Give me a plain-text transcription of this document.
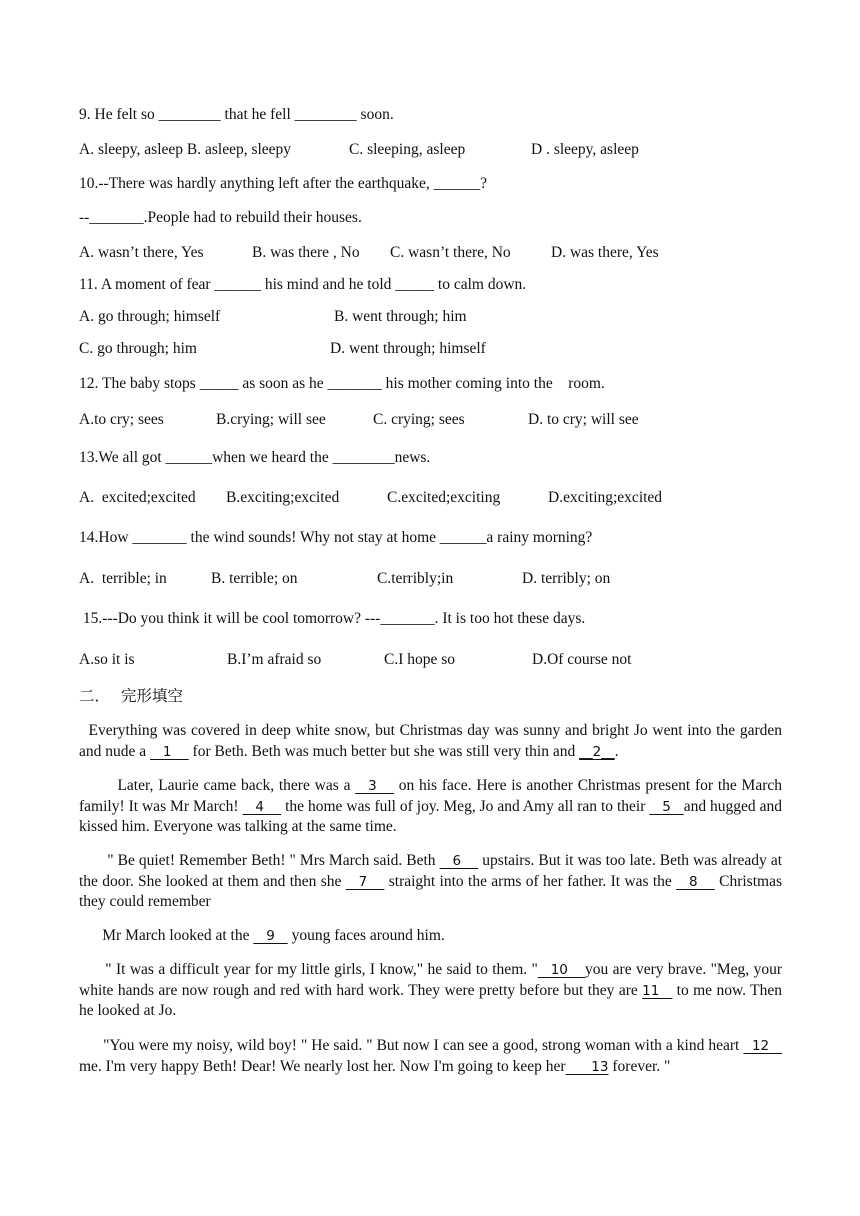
9. He felt so ________ that he fell ________ soon.
A. sleepy, asleep B. asleep, sleepy	C. sleeping, asleep	D . sleepy, asleep
10.--There was hardly anything left after the earthquake, ______?
--_______.People had to rebuild their houses.
A. wasn’t there, Yes	B. was there , No C. wasn’t there, No	D. was there, Yes
11. A moment of fear ______ his mind and he told _____ to calm down.
A. go through; himself	B. went through; him
C. go through; him	D. went through; himself
12. The baby stops _____ as soon as he _______ his mother coming into the    room.
A.to cry; sees	B.crying; will see	C. crying; sees	D. to cry; will see
13.We all got ______when we heard the ________news.
A.  excited;excited B.exciting;excited	C.excited;exciting	D.exciting;excited
14.How _______ the wind sounds! Why not stay at home ______a rainy morning?
A.  terrible; in	B. terrible; on	C.terribly;in	D. terribly; on
15.---Do you think it will be cool tomorrow? ---_______. It is too hot these days.
A.so it is	B.I’m afraid so	C.I hope so	D.Of course not
二． 完形填空

Everything was covered in deep white snow, but Christmas day was sunny and bright Jo went into the garden and nude a    1     for Beth. Beth was much better but she was still very thin and __2__.

Later, Laurie came back, there was a    3     on his face. Here is another Christmas present for the March family! It was Mr March!    4     the home was full of joy. Meg, Jo and Amy all ran to their    5   and hugged and kissed him. Everyone was talking at the same time.

" Be quiet! Remember Beth! " Mrs March said. Beth    6     upstairs. But it was too late. Beth was already at the door. She looked at them and then she    7     straight into the arms of her father. It was the    8     Christmas they could remember

Mr March looked at the    9    young faces around him.

" It was a difficult year for my little girls, I know," he said to them. "   10    you are very brave. "Meg, your white hands are now rough and red with hard work. They were pretty before but they are 11    to me now. Then he looked at Jo.

"You were my noisy, wild boy! " He said. " But now I can see a good, strong woman with a kind heart   12    me. I'm very happy Beth! Dear! We nearly lost her. Now I'm going to keep her      13 forever. "
